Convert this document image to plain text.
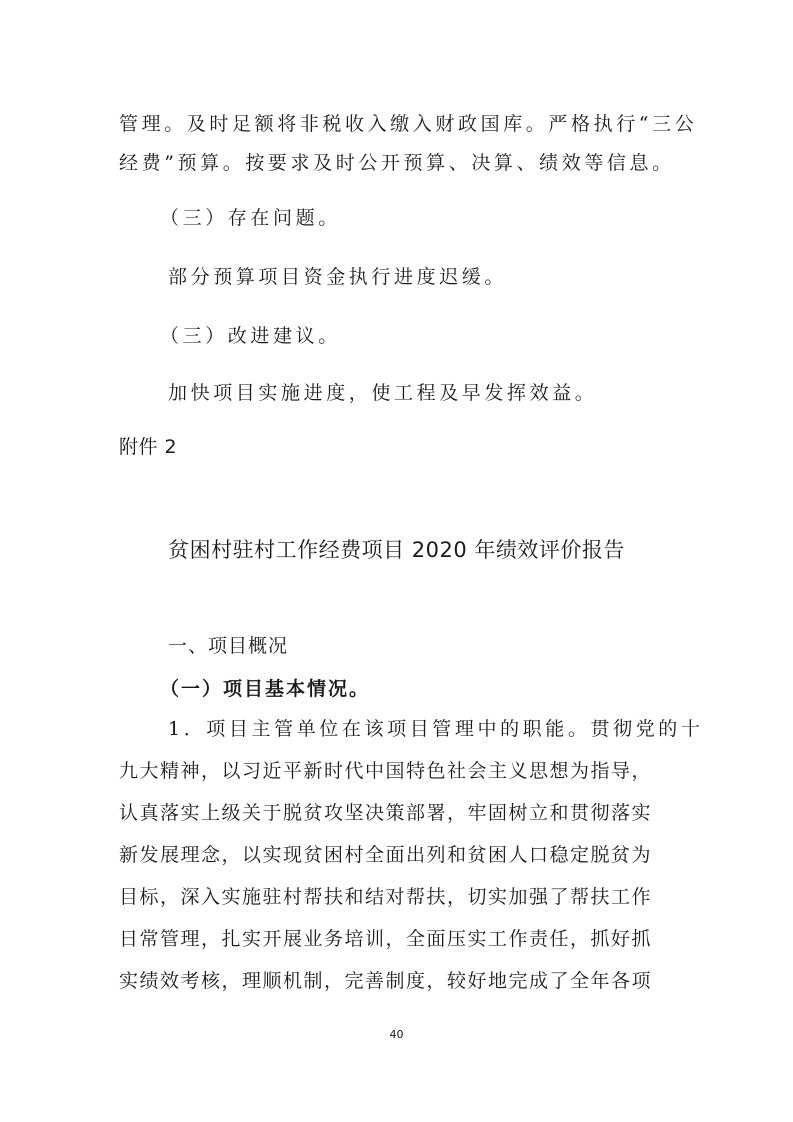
管理。及时足额将非税收入缴入财政国库。严格执行“三公
经费”预算。按要求及时公开预算、决算、绩效等信息。
（三）存在问题。
部分预算项目资金执行进度迟缓。
（三）改进建议。
加快项目实施进度，使工程及早发挥效益。
附件 2
贫困村驻村工作经费项目 2020 年绩效评价报告
一、项目概况
（一）项目基本情况。
1．项目主管单位在该项目管理中的职能。贯彻党的十
九大精神，以习近平新时代中国特色社会主义思想为指导，
认真落实上级关于脱贫攻坚决策部署，牢固树立和贯彻落实
新发展理念，以实现贫困村全面出列和贫困人口稳定脱贫为
目标，深入实施驻村帮扶和结对帮扶，切实加强了帮扶工作
日常管理，扎实开展业务培训，全面压实工作责任，抓好抓
实绩效考核，理顺机制，完善制度，较好地完成了全年各项
40
